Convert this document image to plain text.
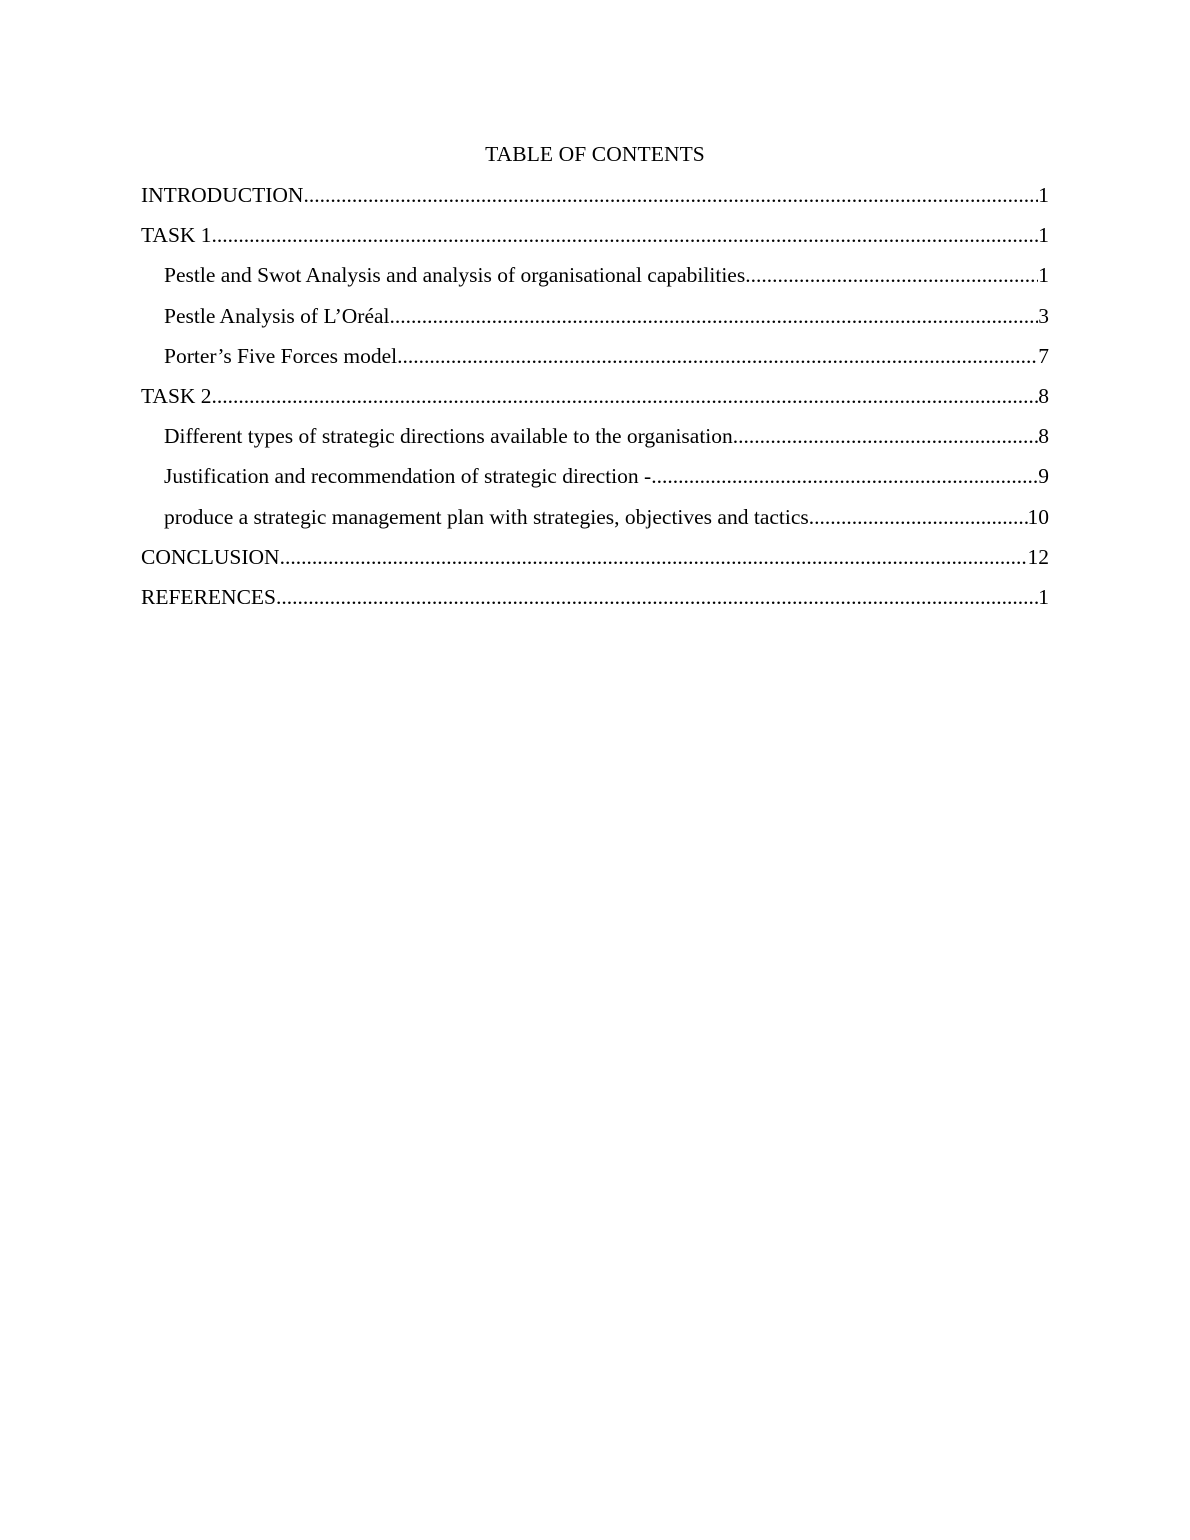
TABLE OF CONTENTS
INTRODUCTION .....	1
TASK 1 .....	1
Pestle and Swot Analysis and analysis of organisational capabilities .....	1
Pestle Analysis of L’Oréal .....	3
Porter’s Five Forces model .....	7
TASK 2 .....	8
Different types of strategic directions available to the organisation .....	8
Justification and recommendation of strategic direction - .....	9
produce a strategic management plan with strategies, objectives and tactics .....	10
CONCLUSION .....	12
REFERENCES .....	1
